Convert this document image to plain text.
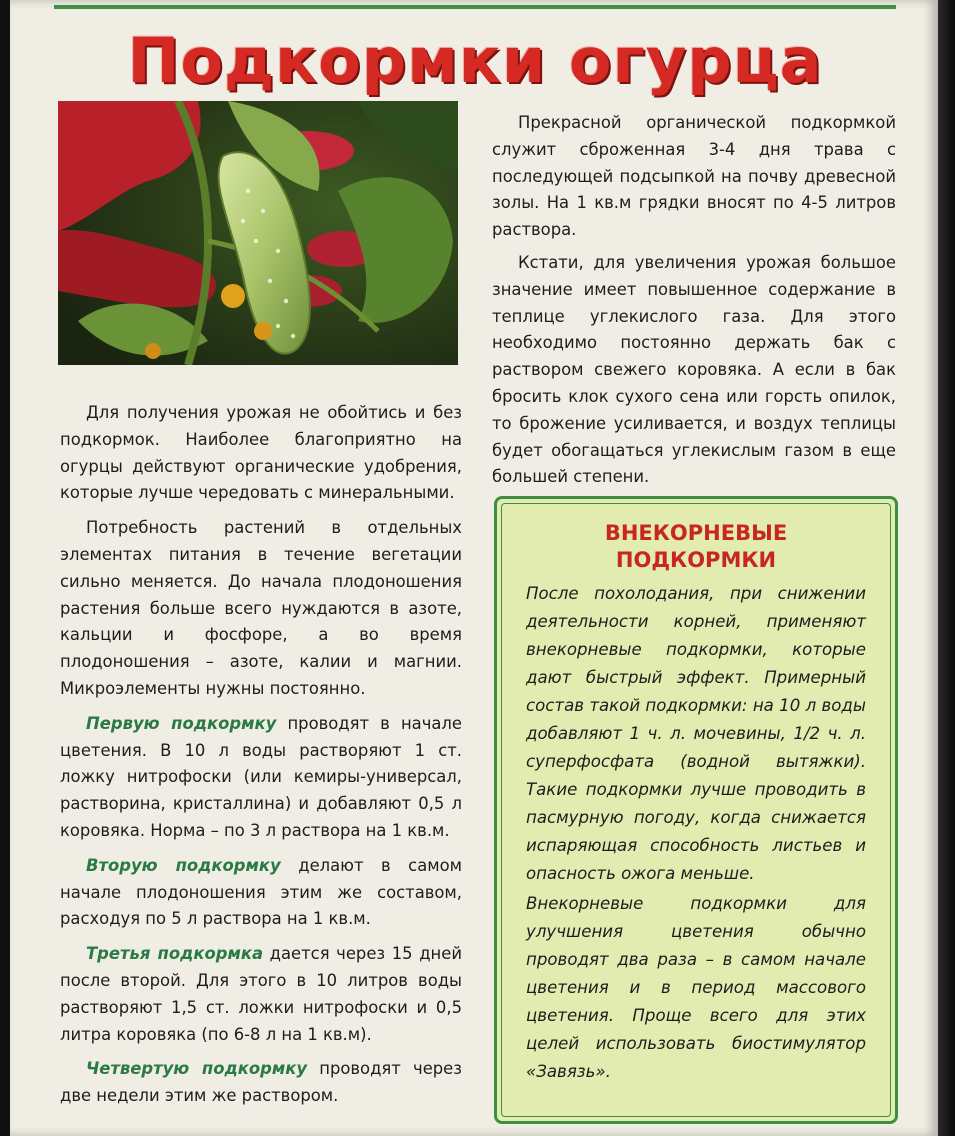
Подкормки огурца

Для получения урожая не обойтись и без подкормок. Наиболее благоприятно на огурцы действуют органические удобрения, которые лучше чередовать с минеральными.

Потребность растений в отдельных элементах питания в течение вегетации сильно меняется. До начала плодоношения растения больше всего нуждаются в азоте, кальции и фосфоре, а во время плодоношения – азоте, калии и магнии. Микроэлементы нужны постоянно.

Первую подкормку проводят в начале цветения. В 10 л воды растворяют 1 ст. ложку нитрофоски (или кемиры-универсал, растворина, кристаллина) и добавляют 0,5 л коровяка. Норма – по 3 л раствора на 1 кв.м.

Вторую подкормку делают в самом начале плодоношения этим же составом, расходуя по 5 л раствора на 1 кв.м.

Третья подкормка дается через 15 дней после второй. Для этого в 10 литров воды растворяют 1,5 ст. ложки нитрофоски и 0,5 литра коровяка (по 6-8 л на 1 кв.м).

Четвертую подкормку проводят через две недели этим же раствором.

Прекрасной органической подкормкой служит сброженная 3-4 дня трава с последующей подсыпкой на почву древесной золы. На 1 кв.м грядки вносят по 4-5 литров раствора.

Кстати, для увеличения урожая большое значение имеет повышенное содержание в теплице углекислого газа. Для этого необходимо постоянно держать бак с раствором свежего коровяка. А если в бак бросить клок сухого сена или горсть опилок, то брожение усиливается, и воздух теплицы будет обогащаться углекислым газом в еще большей степени.

ВНЕКОРНЕВЫЕ
ПОДКОРМКИ

После похолодания, при снижении деятельности корней, применяют внекорневые подкормки, которые дают быстрый эффект. Примерный состав такой подкормки: на 10 л воды добавляют 1 ч. л. мочевины, 1/2 ч. л. суперфосфата (водной вытяжки). Такие подкормки лучше проводить в пасмурную погоду, когда снижается испаряющая способность листьев и опасность ожога меньше.

Внекорневые подкормки для улучшения цветения обычно проводят два раза – в самом начале цветения и в период массового цветения. Проще всего для этих целей использовать биостимулятор «Завязь».
